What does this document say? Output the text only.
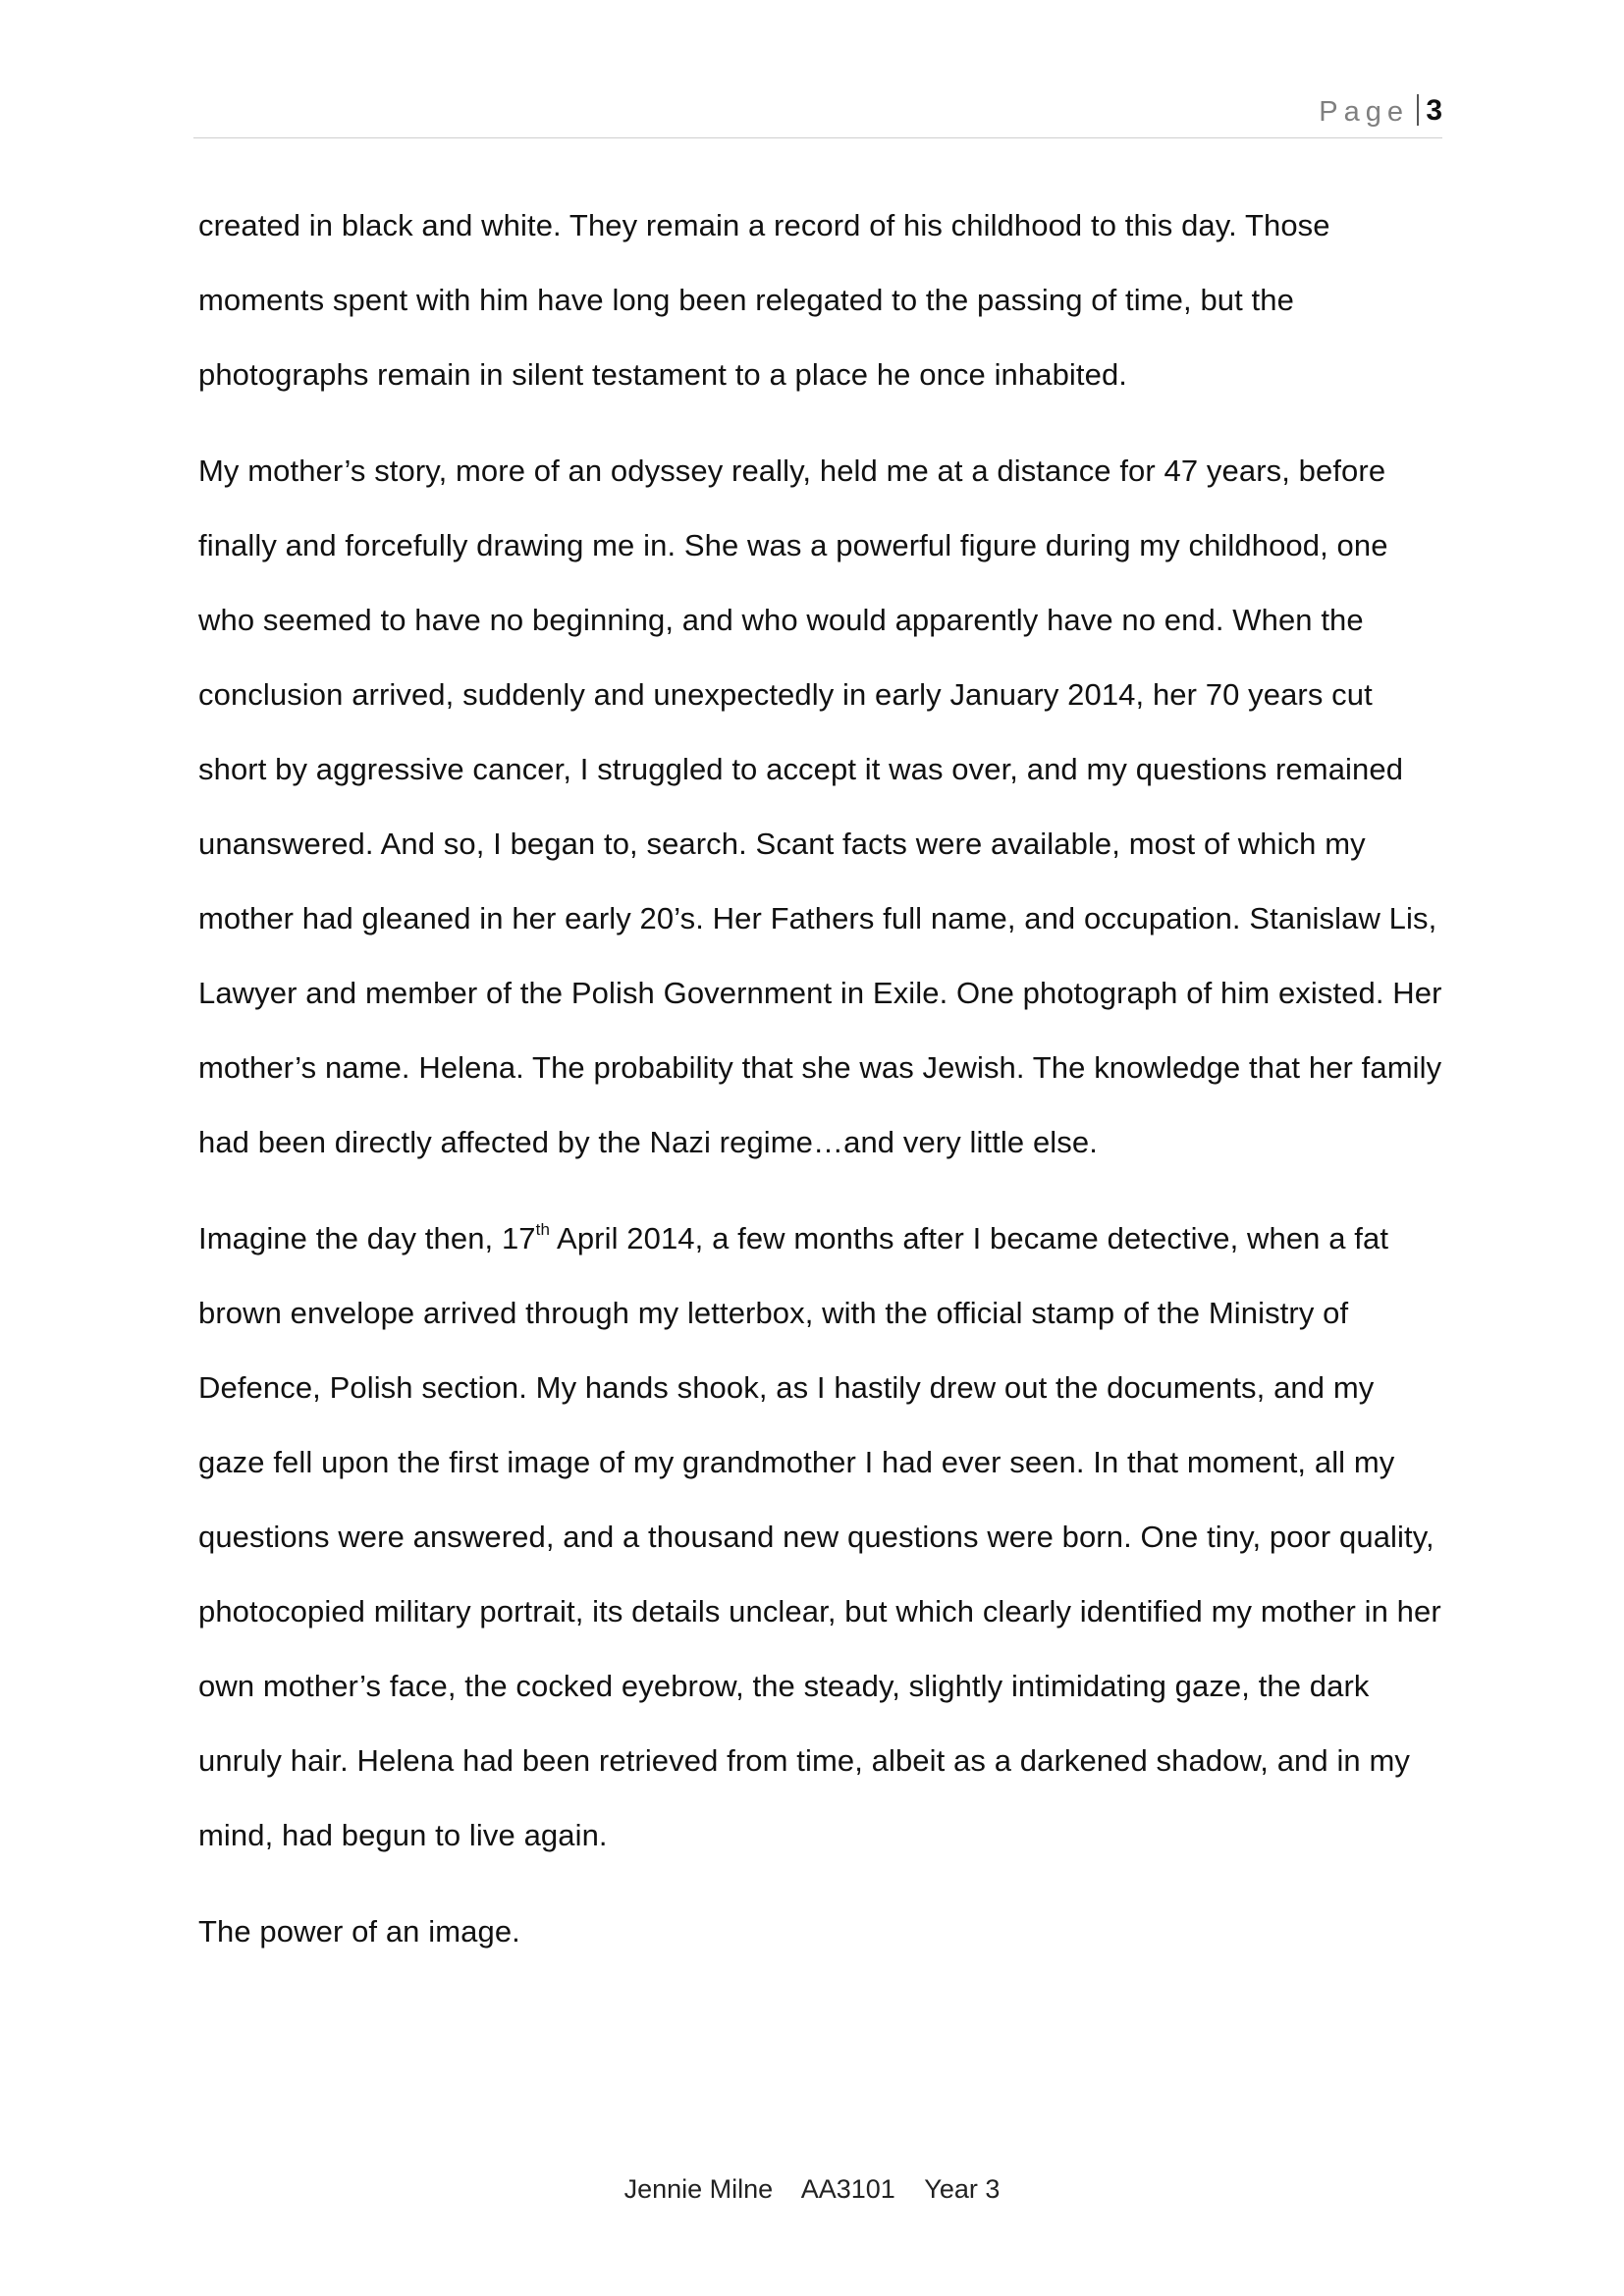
Page 3

created in black and white. They remain a record of his childhood to this day. Those moments spent with him have long been relegated to the passing of time, but the photographs remain in silent testament to a place he once inhabited.

My mother’s story, more of an odyssey really, held me at a distance for 47 years, before finally and forcefully drawing me in. She was a powerful figure during my childhood, one who seemed to have no beginning, and who would apparently have no end. When the conclusion arrived, suddenly and unexpectedly in early January 2014, her 70 years cut short by aggressive cancer, I struggled to accept it was over, and my questions remained unanswered. And so, I began to, search. Scant facts were available, most of which my mother had gleaned in her early 20’s. Her Fathers full name, and occupation. Stanislaw Lis, Lawyer and member of the Polish Government in Exile. One photograph of him existed. Her mother’s name. Helena. The probability that she was Jewish. The knowledge that her family had been directly affected by the Nazi regime…and very little else.

Imagine the day then, 17th April 2014, a few months after I became detective, when a fat brown envelope arrived through my letterbox, with the official stamp of the Ministry of Defence, Polish section. My hands shook, as I hastily drew out the documents, and my gaze fell upon the first image of my grandmother I had ever seen. In that moment, all my questions were answered, and a thousand new questions were born. One tiny, poor quality, photocopied military portrait, its details unclear, but which clearly identified my mother in her own mother’s face, the cocked eyebrow, the steady, slightly intimidating gaze, the dark unruly hair. Helena had been retrieved from time, albeit as a darkened shadow, and in my mind, had begun to live again.

The power of an image.

Jennie Milne    AA3101    Year 3
